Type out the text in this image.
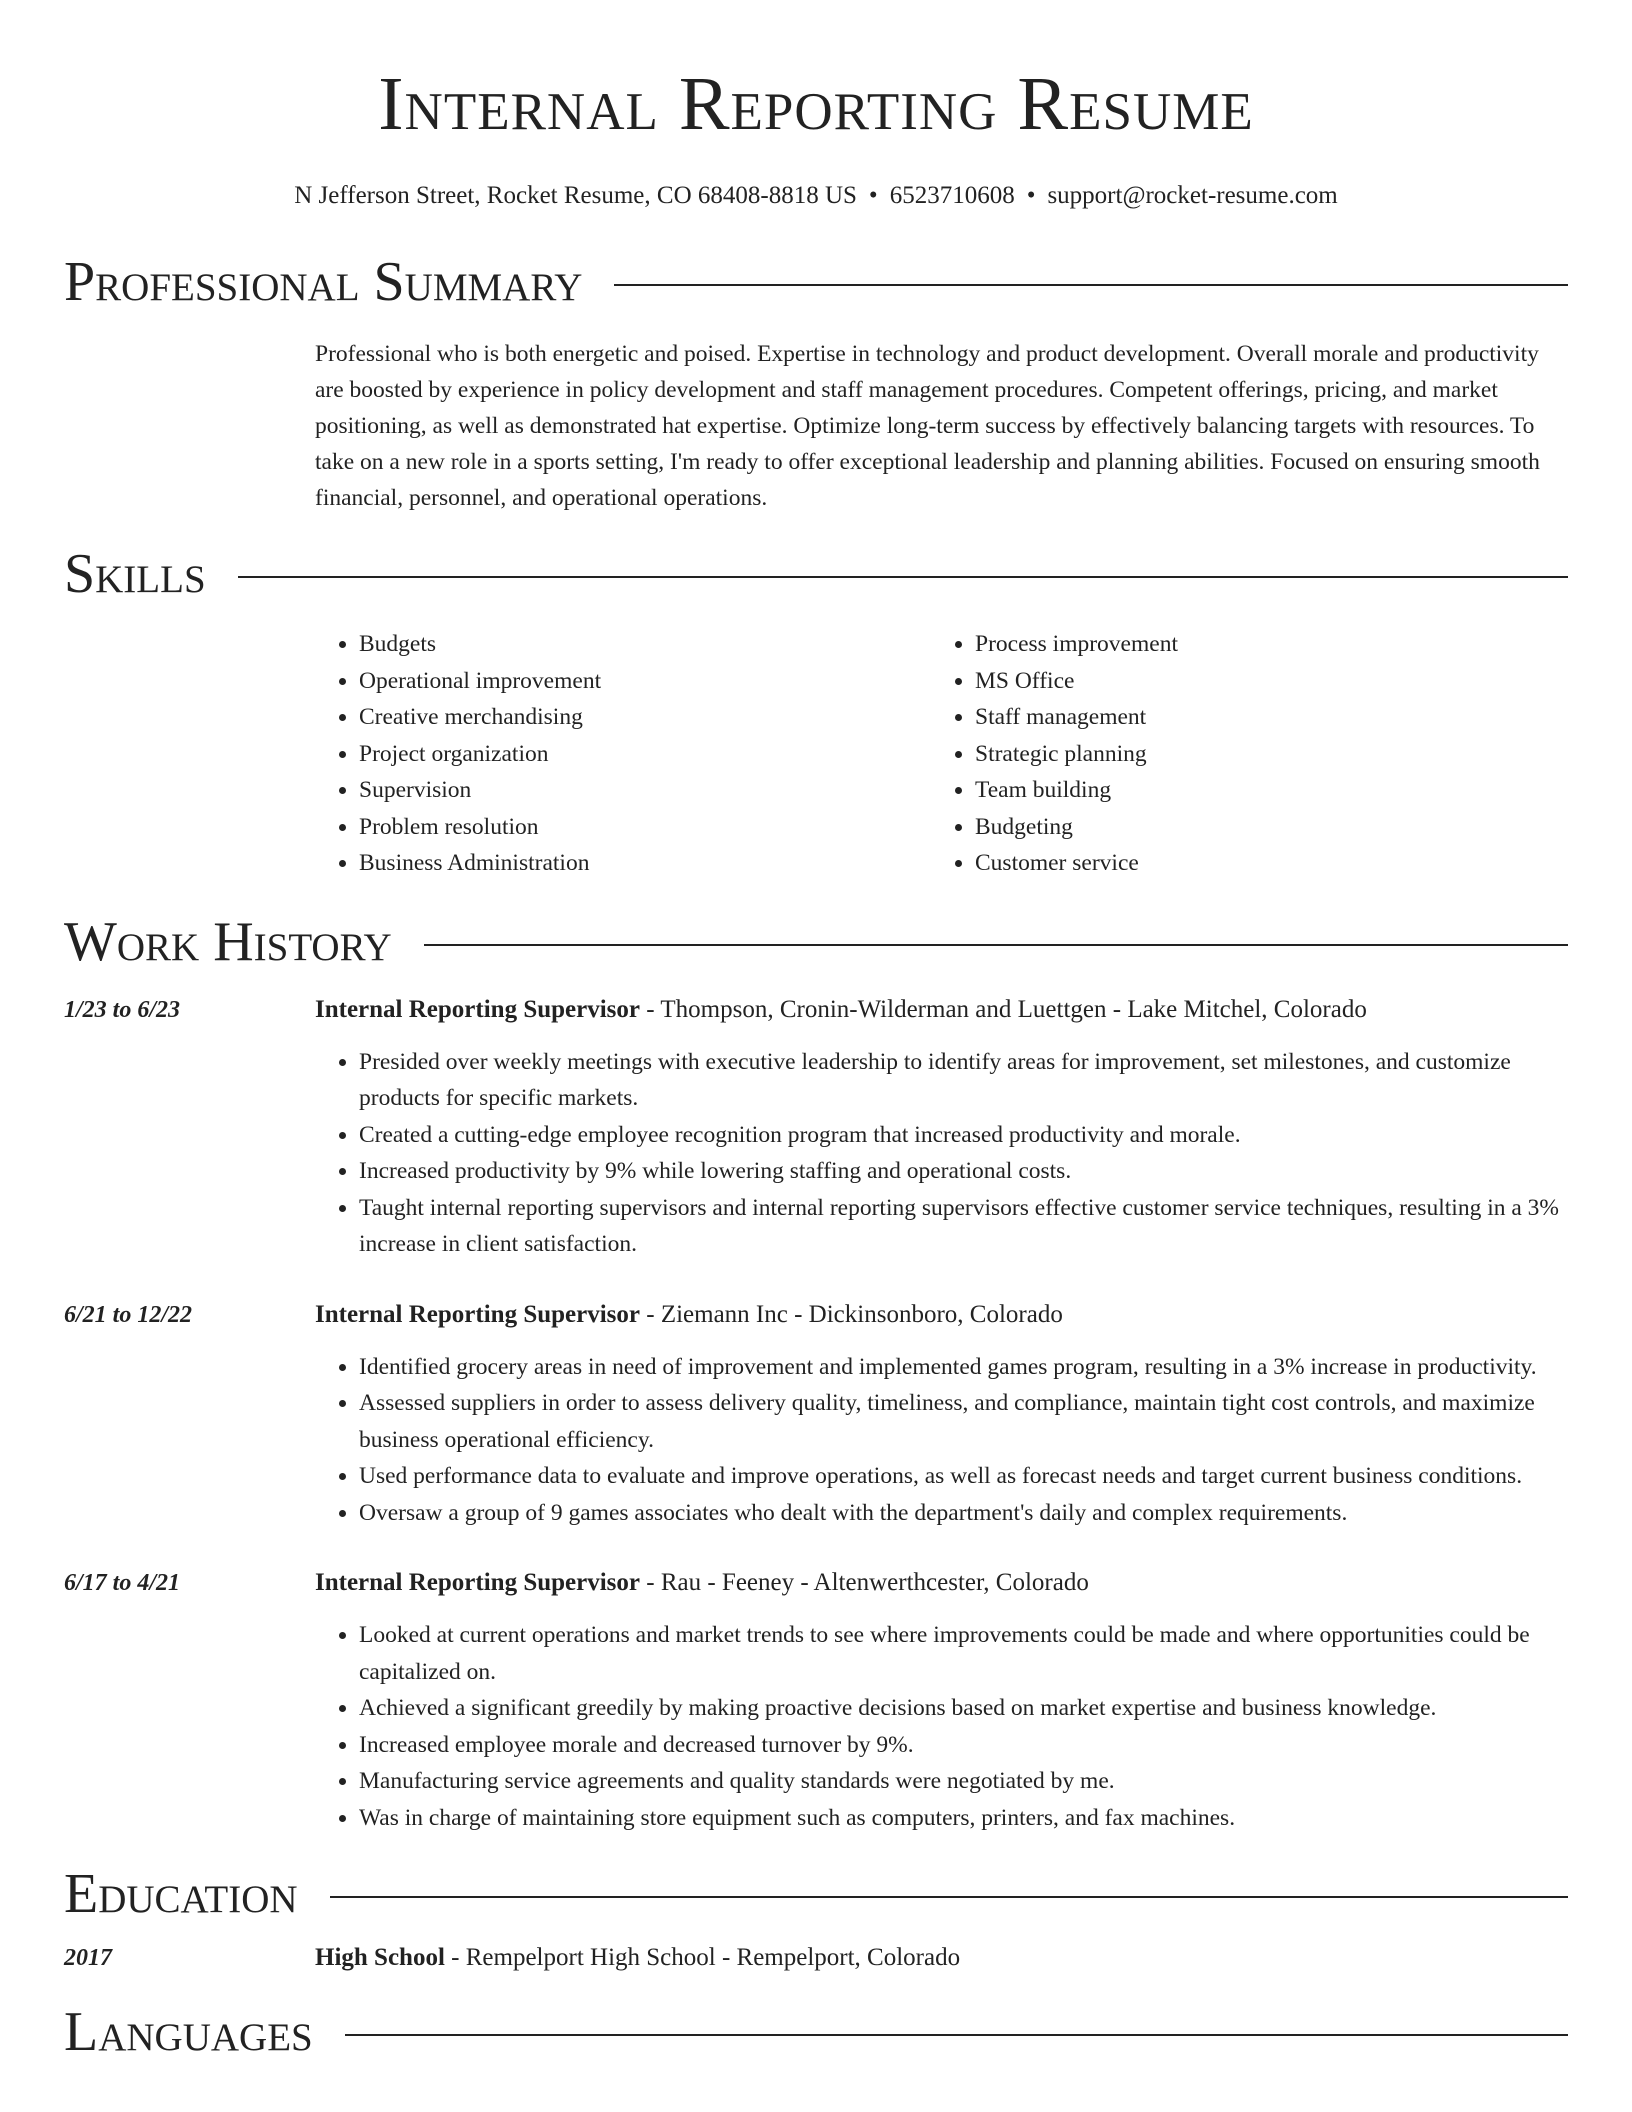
Internal Reporting Resume
N Jefferson Street, Rocket Resume, CO 68408-8818 US • 6523710608 • support@rocket-resume.com
Professional Summary

Professional who is both energetic and poised. Expertise in technology and product development. Overall morale and productivity are boosted by experience in policy development and staff management procedures. Competent offerings, pricing, and market positioning, as well as demonstrated hat expertise. Optimize long-term success by effectively balancing targets with resources. To take on a new role in a sports setting, I'm ready to offer exceptional leadership and planning abilities. Focused on ensuring smooth financial, personnel, and operational operations.

Skills
• Budgets
• Operational improvement
• Creative merchandising
• Project organization
• Supervision
• Problem resolution
• Business Administration
• Process improvement
• MS Office
• Staff management
• Strategic planning
• Team building
• Budgeting
• Customer service
Work History
1/23 to 6/23	Internal Reporting Supervisor - Thompson, Cronin-Wilderman and Luettgen - Lake Mitchel, Colorado
• Presided over weekly meetings with executive leadership to identify areas for improvement, set milestones, and customize products for specific markets.
• Created a cutting-edge employee recognition program that increased productivity and morale.
• Increased productivity by 9% while lowering staffing and operational costs.
• Taught internal reporting supervisors and internal reporting supervisors effective customer service techniques, resulting in a 3% increase in client satisfaction.
6/21 to 12/22	Internal Reporting Supervisor - Ziemann Inc - Dickinsonboro, Colorado
• Identified grocery areas in need of improvement and implemented games program, resulting in a 3% increase in productivity.
• Assessed suppliers in order to assess delivery quality, timeliness, and compliance, maintain tight cost controls, and maximize business operational efficiency.
• Used performance data to evaluate and improve operations, as well as forecast needs and target current business conditions.
• Oversaw a group of 9 games associates who dealt with the department's daily and complex requirements.
6/17 to 4/21	Internal Reporting Supervisor - Rau - Feeney - Altenwerthcester, Colorado
• Looked at current operations and market trends to see where improvements could be made and where opportunities could be capitalized on.
• Achieved a significant greedily by making proactive decisions based on market expertise and business knowledge.
• Increased employee morale and decreased turnover by 9%.
• Manufacturing service agreements and quality standards were negotiated by me.
• Was in charge of maintaining store equipment such as computers, printers, and fax machines.
Education
2017	High School - Rempelport High School - Rempelport, Colorado
Languages
